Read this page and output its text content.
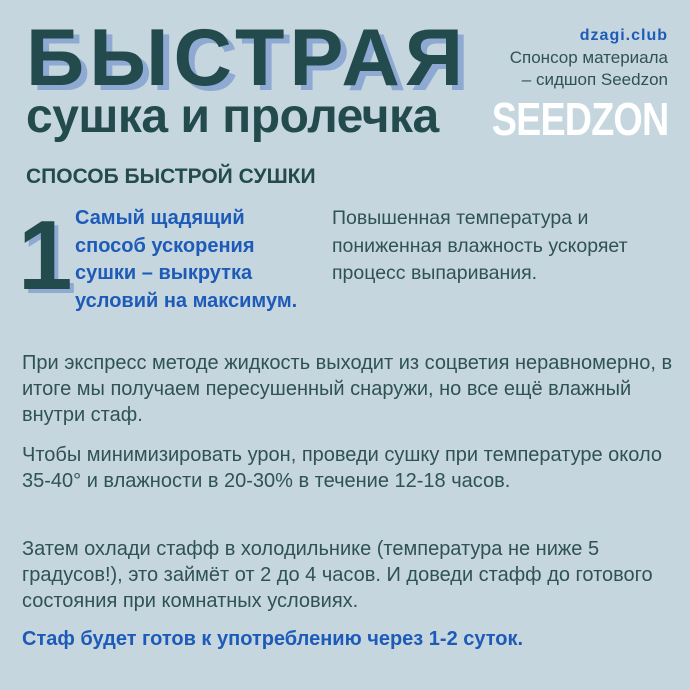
БЫСТРАЯ
сушка и пролечка
dzagi.club
Спонсор материала
– сидшоп Seedzon
SEEDZON
СПОСОБ БЫСТРОЙ СУШКИ
1 Самый щадящий способ ускорения сушки – выкрутка условий на максимум.
Повышенная температура и пониженная влажность ускоряет процесс выпаривания.
При экспресс методе жидкость выходит из соцветия неравномерно, в итоге мы получаем пересушенный снаружи, но все ещё влажный внутри стаф.
Чтобы минимизировать урон, проведи сушку при температуре около 35-40° и влажности в 20-30% в течение 12-18 часов.
Затем охлади стафф в холодильнике (температура не ниже 5 градусов!), это займёт от 2 до 4 часов. И доведи стафф до готового состояния при комнатных условиях.
Стаф будет готов к употреблению через 1-2 суток.
